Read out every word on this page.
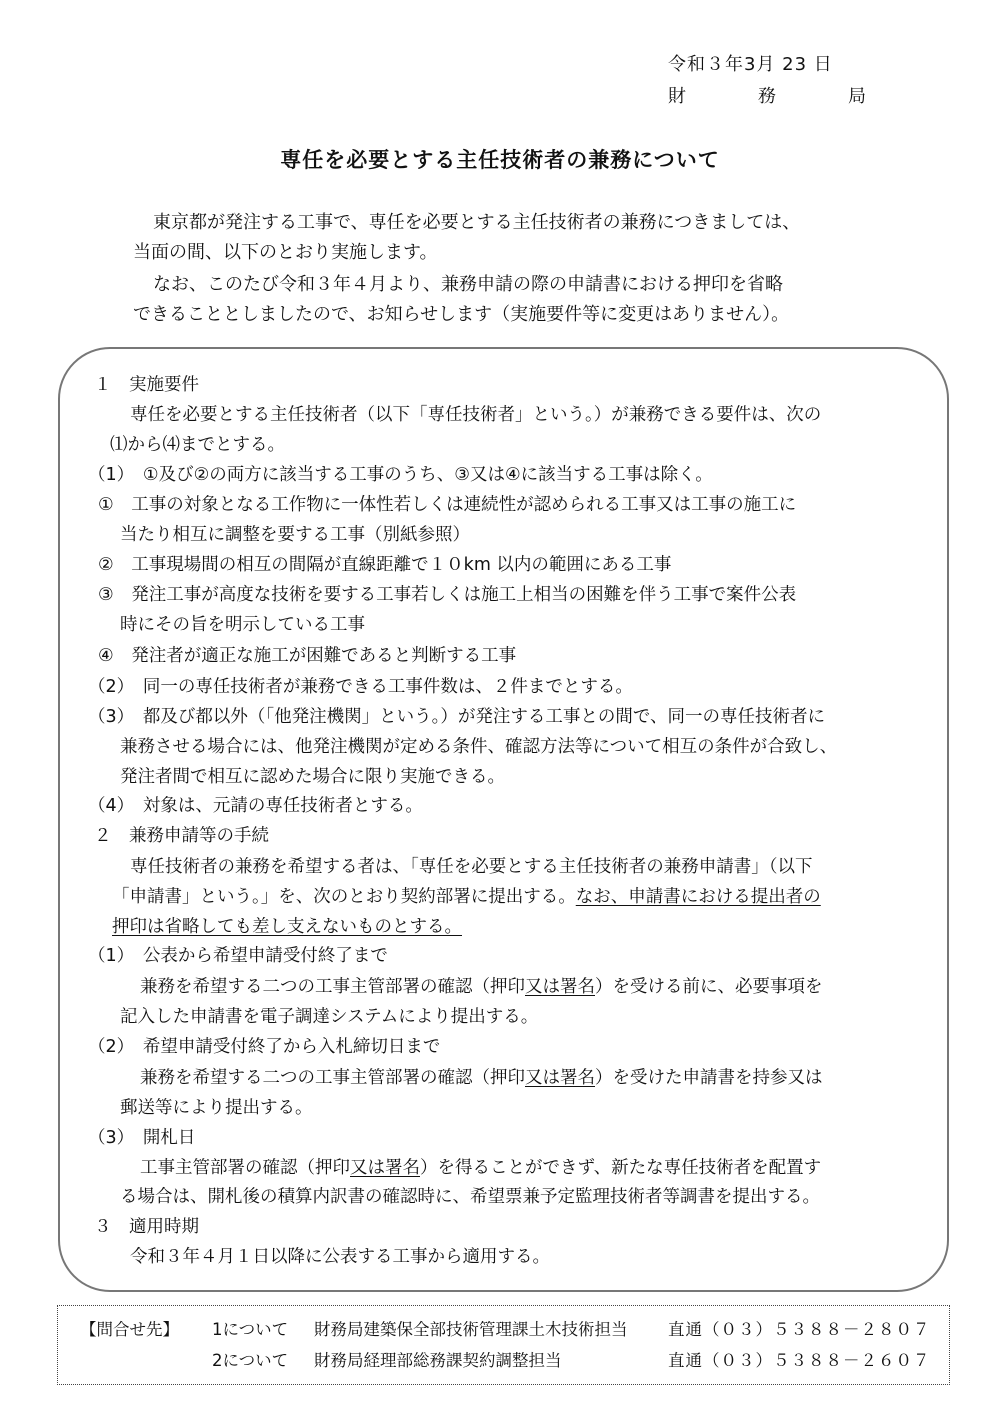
令和３年3月 23 日
財	務	局
専任を必要とする主任技術者の兼務について
東京都が発注する工事で、専任を必要とする主任技術者の兼務につきましては、
当面の間、以下のとおり実施します。
なお、このたび令和３年４月より、兼務申請の際の申請書における押印を省略
できることとしましたので、お知らせします（実施要件等に変更はありません）。
１　実施要件
専任を必要とする主任技術者（以下「専任技術者」という。）が兼務できる要件は、次の
⑴から⑷までとする。
（1）　①及び②の両方に該当する工事のうち、③又は④に該当する工事は除く。
①　工事の対象となる工作物に一体性若しくは連続性が認められる工事又は工事の施工に
当たり相互に調整を要する工事（別紙参照）
②　工事現場間の相互の間隔が直線距離で１０km 以内の範囲にある工事
③　発注工事が高度な技術を要する工事若しくは施工上相当の困難を伴う工事で案件公表
時にその旨を明示している工事
④　発注者が適正な施工が困難であると判断する工事
（2）　同一の専任技術者が兼務できる工事件数は、２件までとする。
（3）　都及び都以外（「他発注機関」という。）が発注する工事との間で、同一の専任技術者に
兼務させる場合には、他発注機関が定める条件、確認方法等について相互の条件が合致し、
発注者間で相互に認めた場合に限り実施できる。
（4）　対象は、元請の専任技術者とする。
２　兼務申請等の手続
専任技術者の兼務を希望する者は、「専任を必要とする主任技術者の兼務申請書」（以下
「申請書」という。」を、次のとおり契約部署に提出する。なお、申請書における提出者の
押印は省略しても差し支えないものとする。
（1）　公表から希望申請受付終了まで
兼務を希望する二つの工事主管部署の確認（押印又は署名）を受ける前に、必要事項を
記入した申請書を電子調達システムにより提出する。
（2）　希望申請受付終了から入札締切日まで
兼務を希望する二つの工事主管部署の確認（押印又は署名）を受けた申請書を持参又は
郵送等により提出する。
（3）　開札日
工事主管部署の確認（押印又は署名）を得ることができず、新たな専任技術者を配置す
る場合は、開札後の積算内訳書の確認時に、希望票兼予定監理技術者等調書を提出する。
３　適用時期
令和３年４月１日以降に公表する工事から適用する。
【問合せ先】 1について 財務局建築保全部技術管理課土木技術担当 直通（０３）５３８８－２８０７
2について 財務局経理部総務課契約調整担当	直通（０３）５３８８－２６０７
